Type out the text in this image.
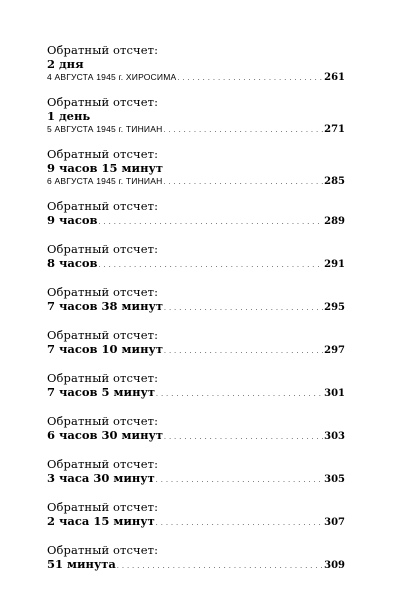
Обратный отсчет:
2 дня
4 АВГУСТА 1945 г. ХИРОСИМА . . .	261
Обратный отсчет:
1 день
5 АВГУСТА 1945 г. ТИНИАН . . .	271
Обратный отсчет:
9 часов 15 минут
6 АВГУСТА 1945 г. ТИНИАН . . .	285
Обратный отсчет:
9 часов . . .	289
Обратный отсчет:
8 часов . . .	291
Обратный отсчет:
7 часов 38 минут . . .	295
Обратный отсчет:
7 часов 10 минут . . .	297
Обратный отсчет:
7 часов 5 минут . . .	301
Обратный отсчет:
6 часов 30 минут . . .	303
Обратный отсчет:
3 часа 30 минут . . .	305
Обратный отсчет:
2 часа 15 минут . . .	307
Обратный отсчет:
51 минута . . .	309
